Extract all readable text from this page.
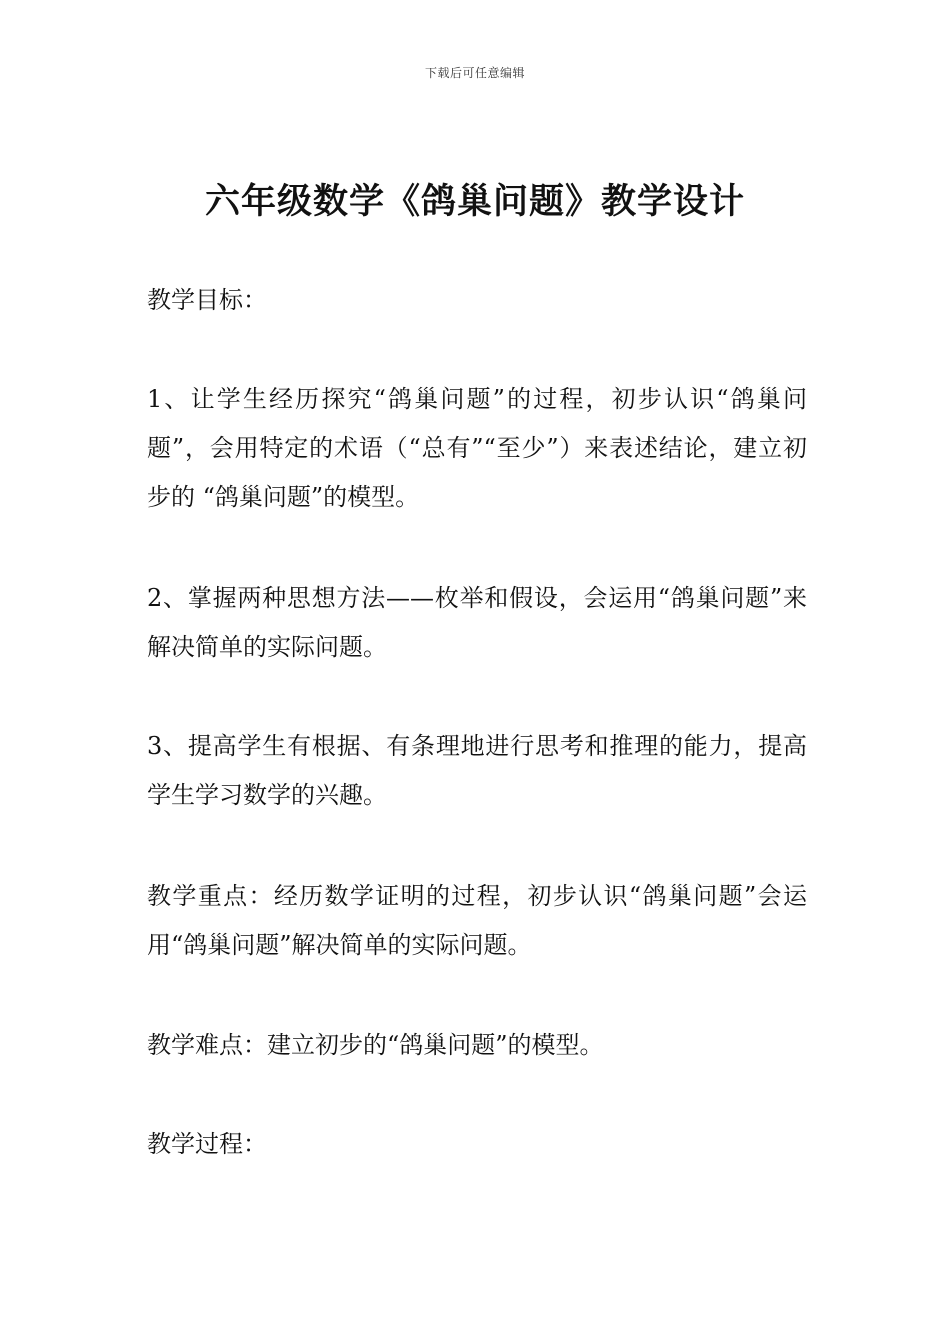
下载后可任意编辑
六年级数学《鸽巢问题》教学设计

教学目标：

1、让学生经历探究“鸽巢问题”的过程，初步认识“鸽巢问题”，会用特定的术语（“总有”“至少”）来表述结论，建立初步的 “鸽巢问题”的模型。

2、掌握两种思想方法——枚举和假设，会运用“鸽巢问题”来解决简单的实际问题。

3、提高学生有根据、有条理地进行思考和推理的能力，提高学生学习数学的兴趣。

教学重点：经历数学证明的过程，初步认识“鸽巢问题”会运用“鸽巢问题”解决简单的实际问题。

教学难点：建立初步的“鸽巢问题”的模型。

教学过程：
